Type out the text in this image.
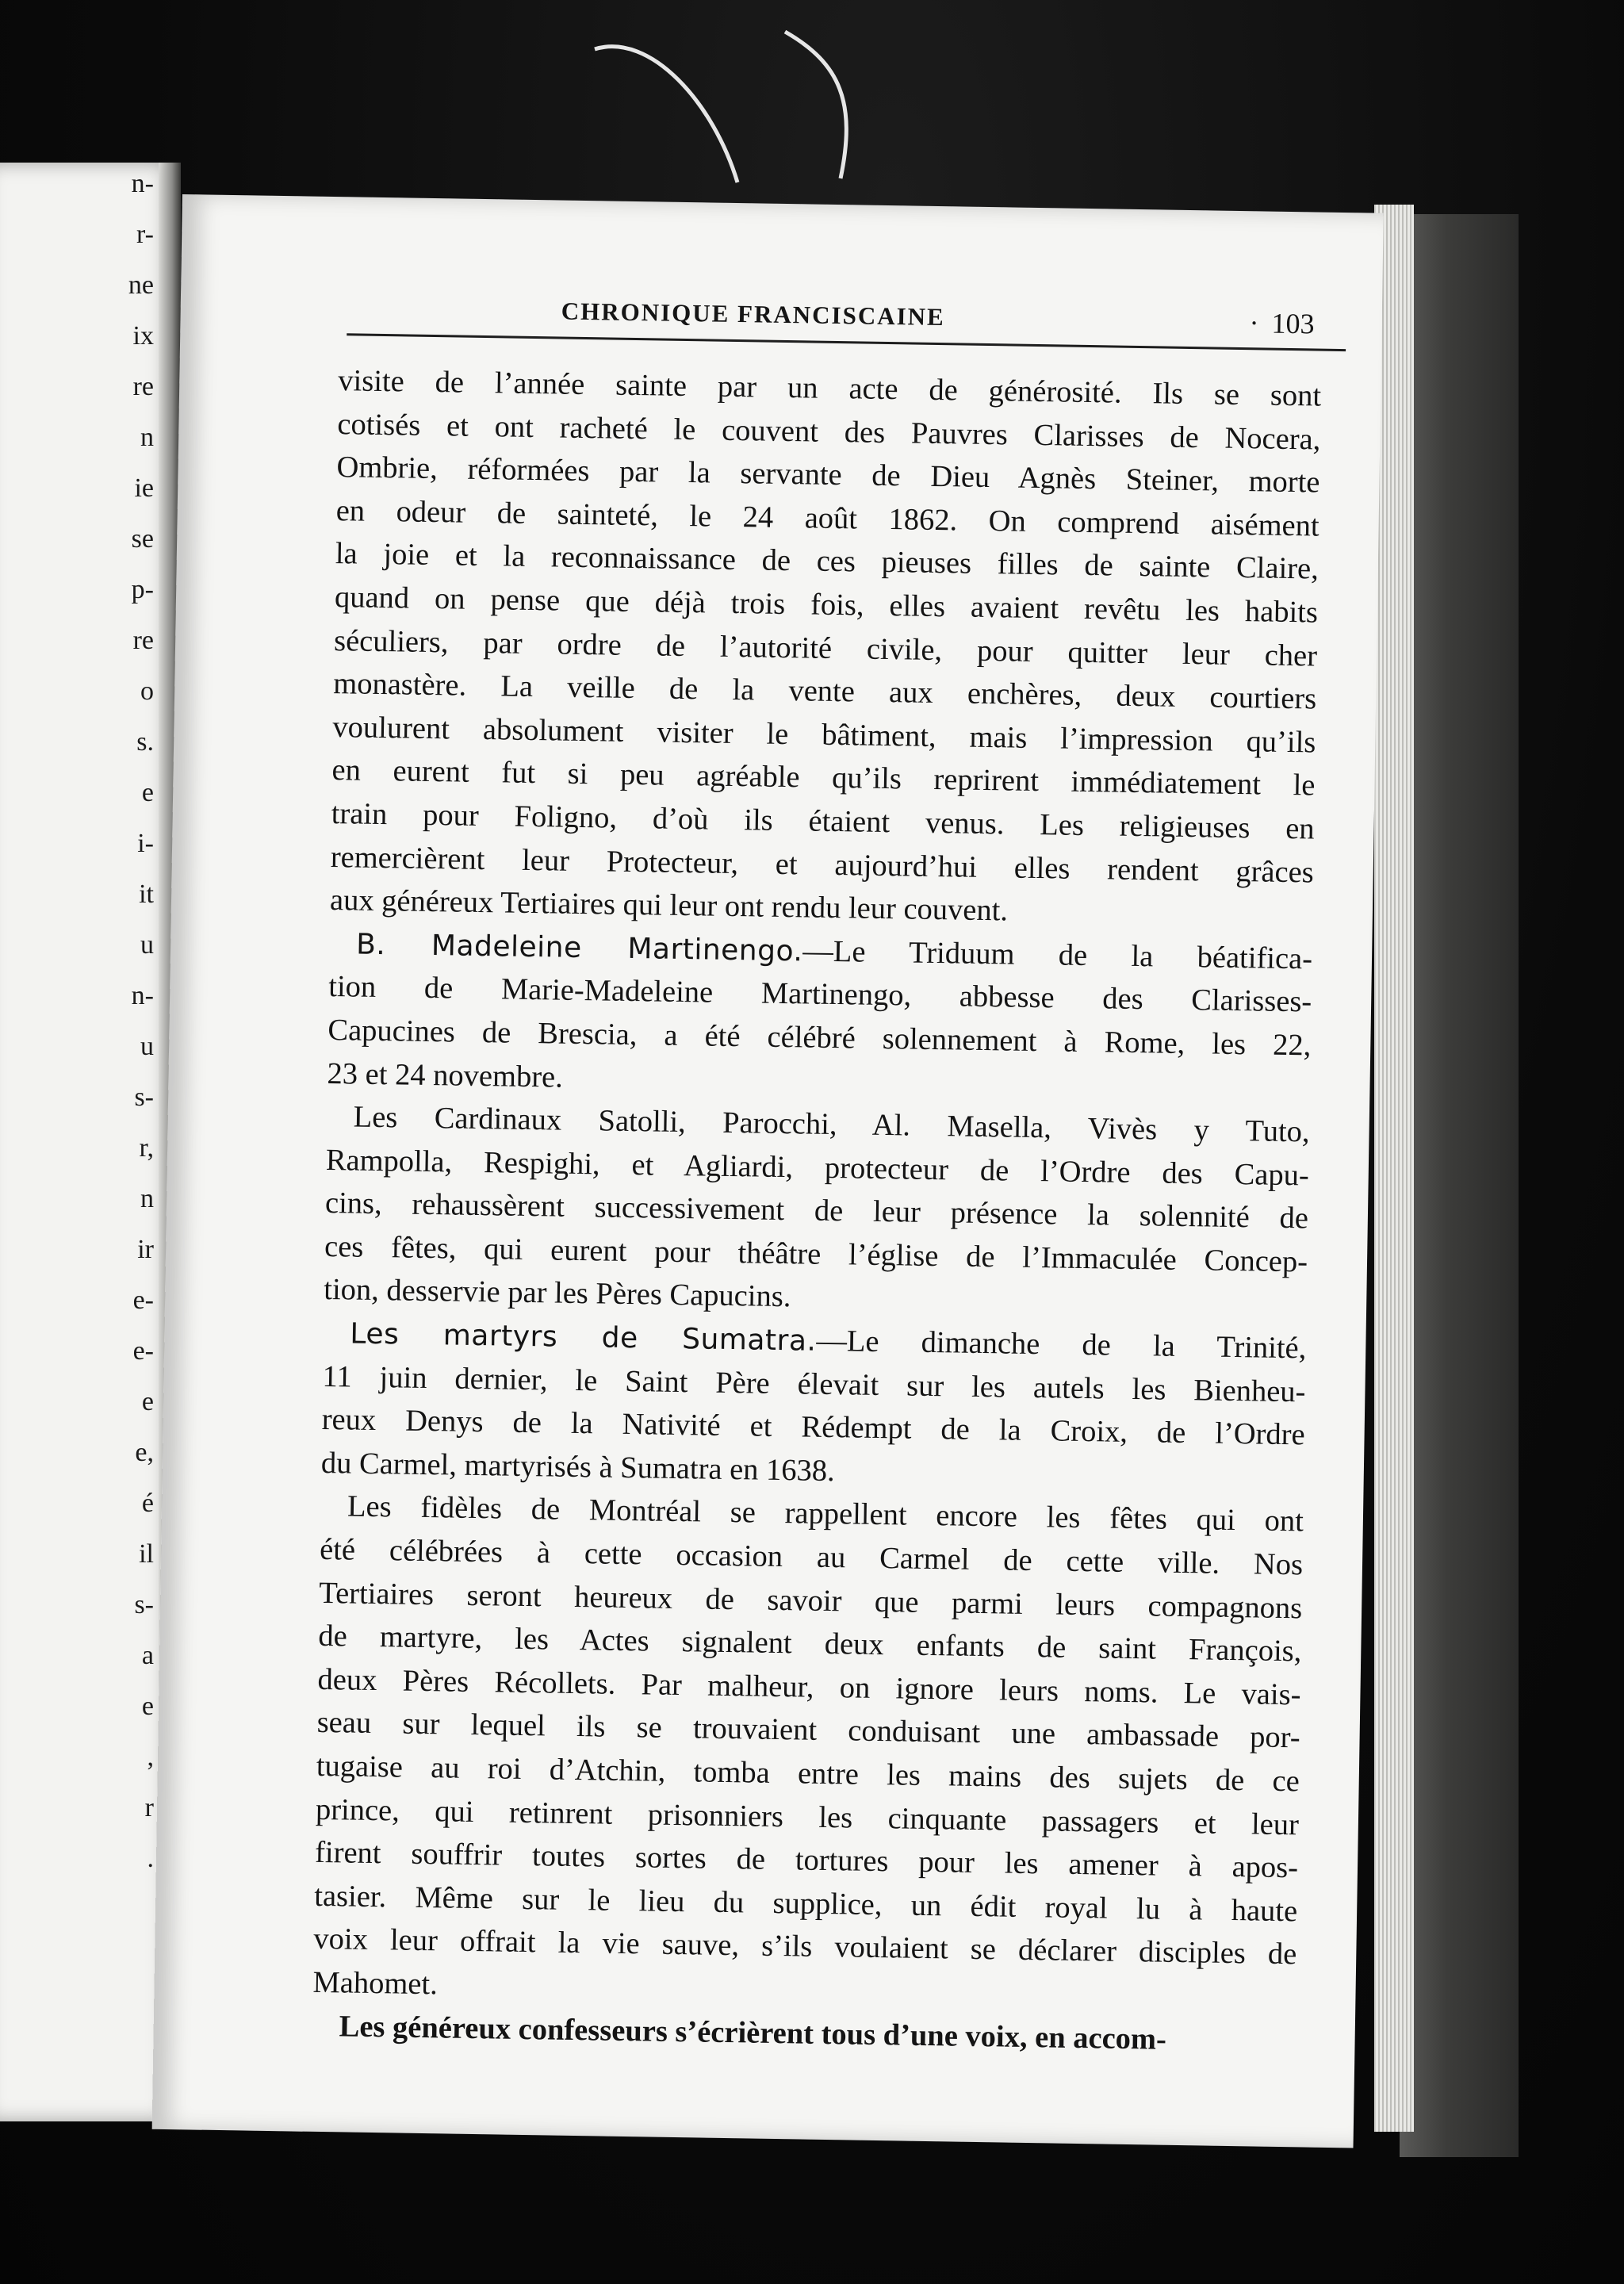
n-
r-
ne
ix
re
n
ie
se
p-
re
o
s.
e
i-
it
u
n-
u
s-
r,
n
ir
e-
e-
e
e,
é
il
s-
a
e
,
r
.
CHRONIQUE FRANCISCAINE
·	103
visite de l’année sainte par un acte de générosité. Ils se sont
cotisés et ont racheté le couvent des Pauvres Clarisses de Nocera,
Ombrie, réformées par la servante de Dieu Agnès Steiner, morte
en odeur de sainteté, le 24 août 1862. On comprend aisément
la joie et la reconnaissance de ces pieuses filles de sainte Claire,
quand on pense que déjà trois fois, elles avaient revêtu les habits
séculiers, par ordre de l’autorité civile, pour quitter leur cher
monastère. La veille de la vente aux enchères, deux courtiers
voulurent absolument visiter le bâtiment, mais l’impression qu’ils
en eurent fut si peu agréable qu’ils reprirent immédiatement le
train pour Foligno, d’où ils étaient venus. Les religieuses en
remercièrent leur Protecteur, et aujourd’hui elles rendent grâces
aux généreux Tertiaires qui leur ont rendu leur couvent.
B. Madeleine Martinengo.—Le Triduum de la béatifica-
tion de Marie-Madeleine Martinengo, abbesse des Clarisses-
Capucines de Brescia, a été célébré solennement à Rome, les 22,
23 et 24 novembre.
Les Cardinaux Satolli, Parocchi, Al. Masella, Vivès y Tuto,
Rampolla, Respighi, et Agliardi, protecteur de l’Ordre des Capu-
cins, rehaussèrent successivement de leur présence la solennité de
ces fêtes, qui eurent pour théâtre l’église de l’Immaculée Concep-
tion, desservie par les Pères Capucins.
Les martyrs de Sumatra.—Le dimanche de la Trinité,
11 juin dernier, le Saint Père élevait sur les autels les Bienheu-
reux Denys de la Nativité et Rédempt de la Croix, de l’Ordre
du Carmel, martyrisés à Sumatra en 1638.
Les fidèles de Montréal se rappellent encore les fêtes qui ont
été célébrées à cette occasion au Carmel de cette ville. Nos
Tertiaires seront heureux de savoir que parmi leurs compagnons
de martyre, les Actes signalent deux enfants de saint François,
deux Pères Récollets. Par malheur, on ignore leurs noms. Le vais-
seau sur lequel ils se trouvaient conduisant une ambassade por-
tugaise au roi d’Atchin, tomba entre les mains des sujets de ce
prince, qui retinrent prisonniers les cinquante passagers et leur
firent souffrir toutes sortes de tortures pour les amener à apos-
tasier. Même sur le lieu du supplice, un édit royal lu à haute
voix leur offrait la vie sauve, s’ils voulaient se déclarer disciples de
Mahomet.
Les généreux confesseurs s’écrièrent tous d’une voix, en accom-
